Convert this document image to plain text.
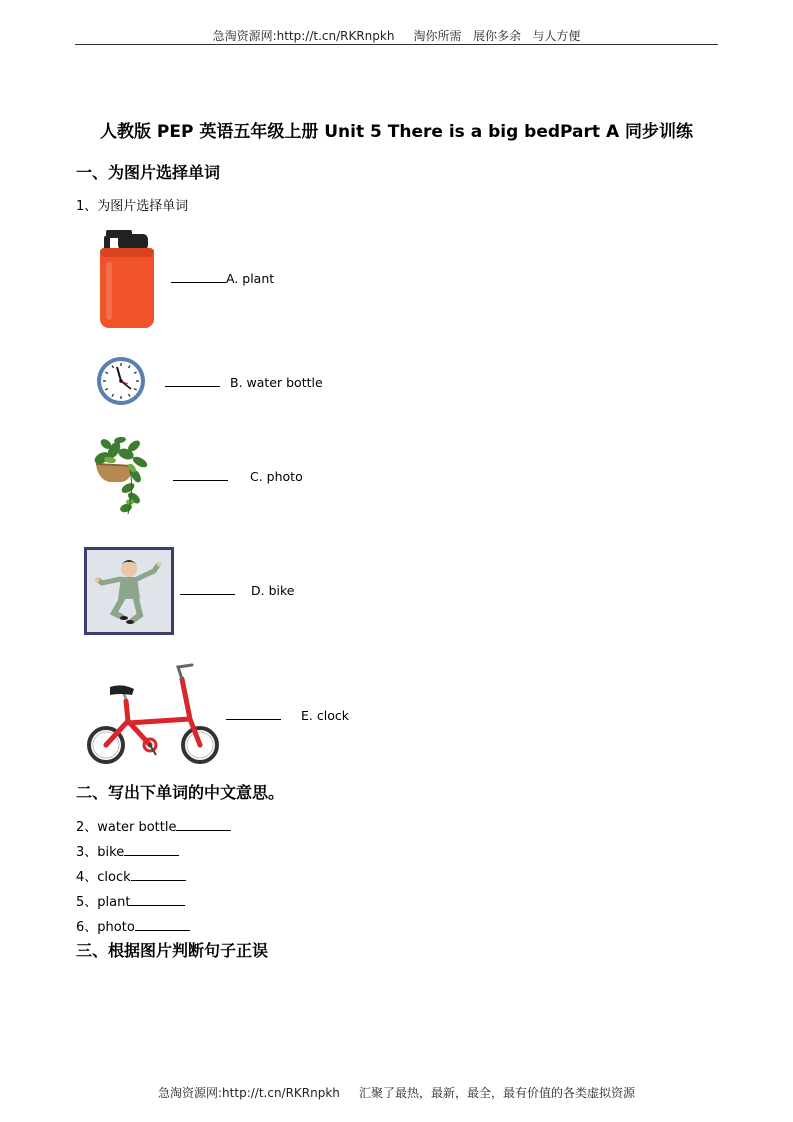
急淘资源网:http://t.cn/RKRnpkh     淘你所需   展你多余   与人方便
人教版 PEP 英语五年级上册 Unit 5 There is a big bedPart A 同步训练
一、为图片选择单词
1、为图片选择单词
A. plant
B. water bottle
C. photo
D. bike
E. clock
二、写出下单词的中文意思。
2、water bottle
3、bike
4、clock
5、plant
6、photo
三、根据图片判断句子正误
急淘资源网:http://t.cn/RKRnpkh     汇聚了最热，最新，最全，最有价值的各类虚拟资源
